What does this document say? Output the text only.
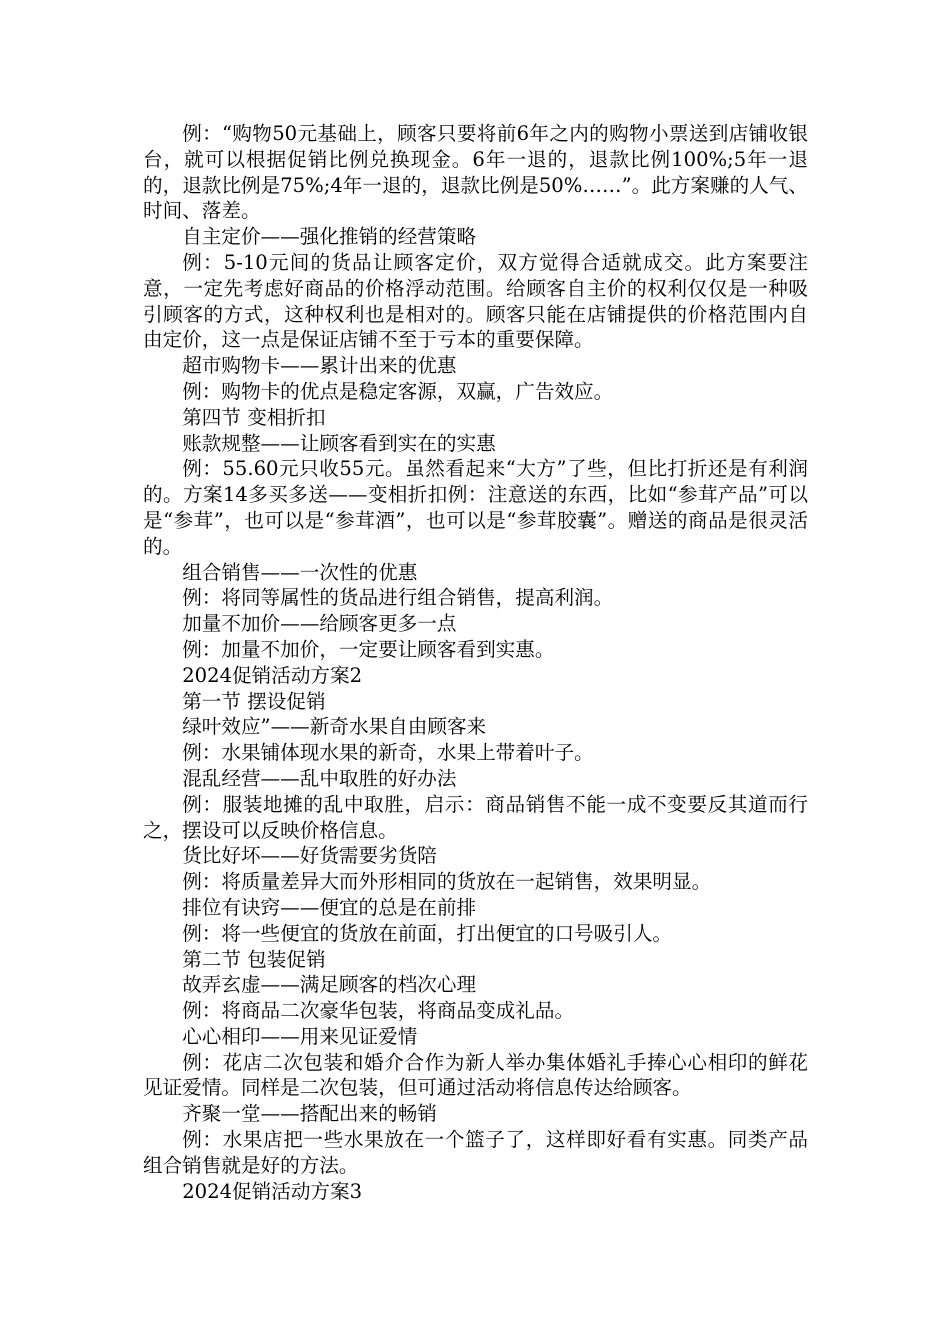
例：“购物50元基础上，顾客只要将前6年之内的购物小票送到店铺收银台，就可以根据促销比例兑换现金。6年一退的，退款比例100%;5年一退的，退款比例是75%;4年一退的，退款比例是50%……”。此方案赚的人气、时间、落差。

自主定价——强化推销的经营策略

例：5-10元间的货品让顾客定价，双方觉得合适就成交。此方案要注意，一定先考虑好商品的价格浮动范围。给顾客自主价的权利仅仅是一种吸引顾客的方式，这种权利也是相对的。顾客只能在店铺提供的价格范围内自由定价，这一点是保证店铺不至于亏本的重要保障。

超市购物卡——累计出来的优惠

例：购物卡的优点是稳定客源，双赢，广告效应。

第四节 变相折扣

账款规整——让顾客看到实在的实惠

例：55.60元只收55元。虽然看起来“大方”了些，但比打折还是有利润的。方案14多买多送——变相折扣例：注意送的东西，比如“参茸产品”可以是“参茸”，也可以是“参茸酒”，也可以是“参茸胶囊”。赠送的商品是很灵活的。

组合销售——一次性的优惠

例：将同等属性的货品进行组合销售，提高利润。

加量不加价——给顾客更多一点

例：加量不加价，一定要让顾客看到实惠。

2024促销活动方案2

第一节 摆设促销

绿叶效应”——新奇水果自由顾客来

例：水果铺体现水果的新奇，水果上带着叶子。

混乱经营——乱中取胜的好办法

例：服装地摊的乱中取胜，启示：商品销售不能一成不变要反其道而行之，摆设可以反映价格信息。

货比好坏——好货需要劣货陪

例：将质量差异大而外形相同的货放在一起销售，效果明显。

排位有诀窍——便宜的总是在前排

例：将一些便宜的货放在前面，打出便宜的口号吸引人。

第二节 包装促销

故弄玄虚——满足顾客的档次心理

例：将商品二次豪华包装，将商品变成礼品。

心心相印——用来见证爱情

例：花店二次包装和婚介合作为新人举办集体婚礼手捧心心相印的鲜花见证爱情。同样是二次包装，但可通过活动将信息传达给顾客。

齐聚一堂——搭配出来的畅销

例：水果店把一些水果放在一个篮子了，这样即好看有实惠。同类产品组合销售就是好的方法。

2024促销活动方案3
